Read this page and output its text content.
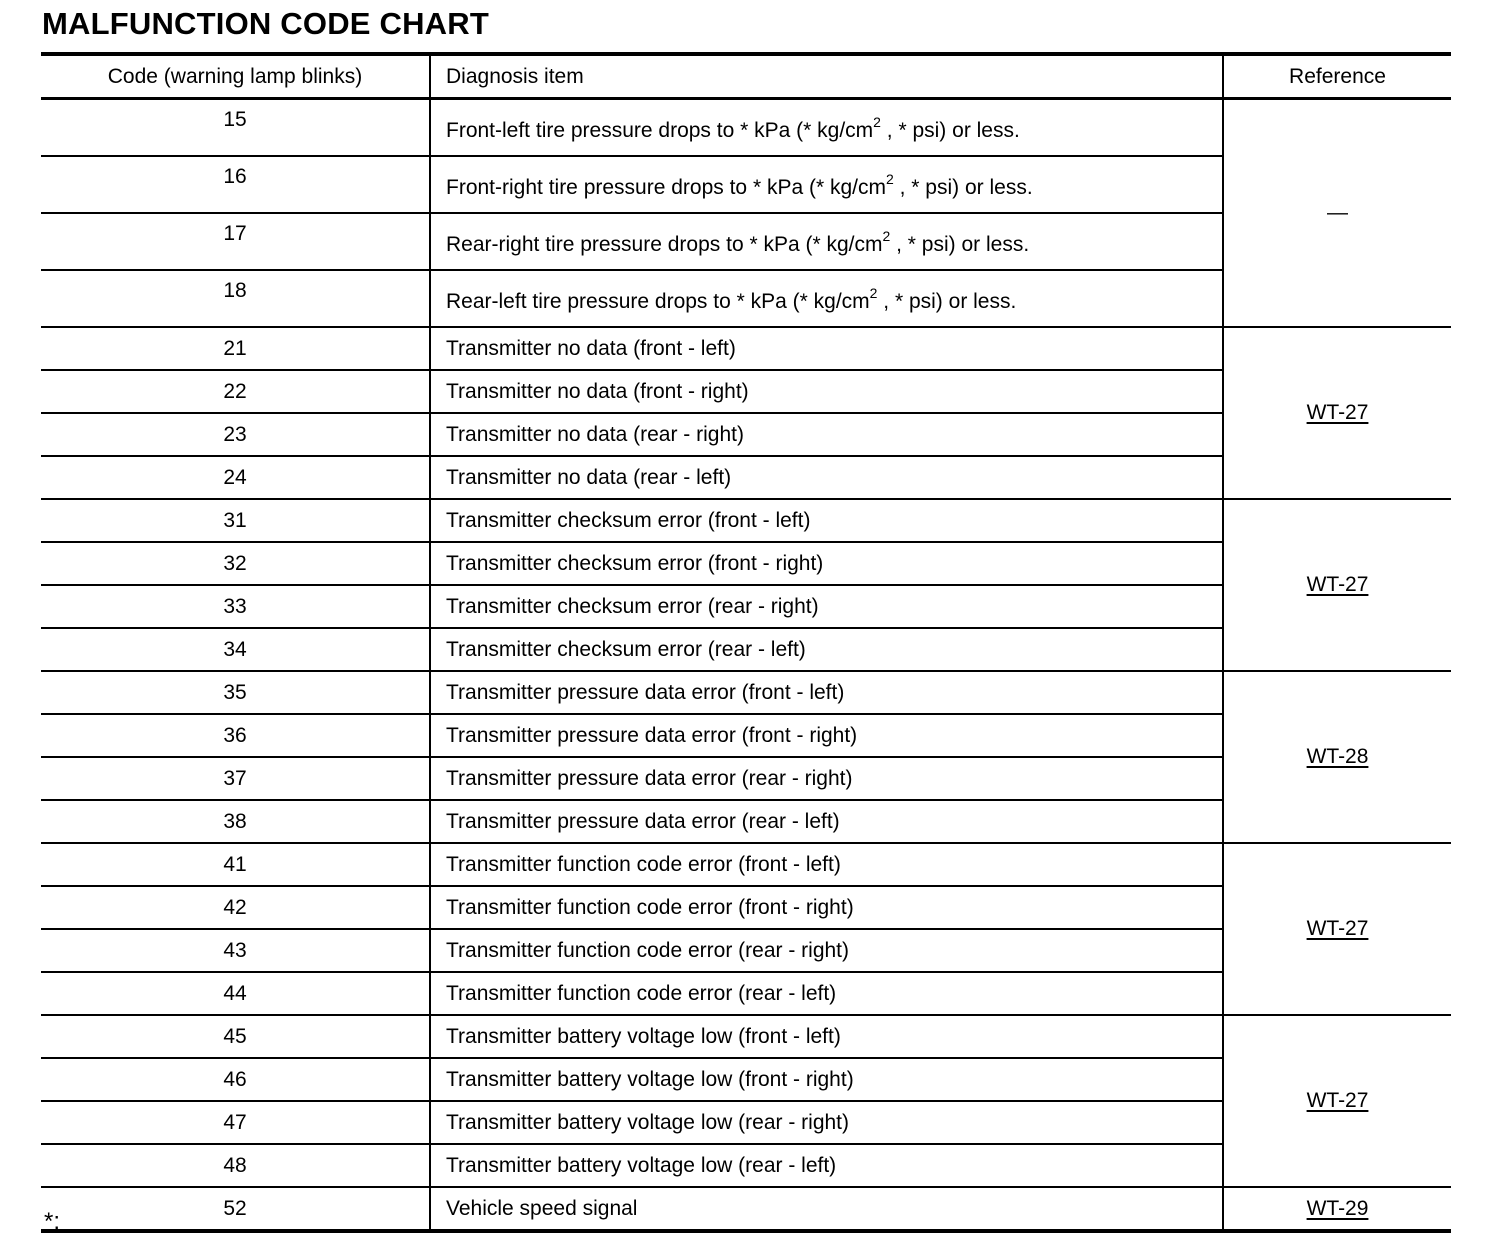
MALFUNCTION CODE CHART
Code (warning lamp blinks)	Diagnosis item	Reference
15	Front-left tire pressure drops to * kPa (* $kg/cm^2$ , * psi) or less.	—
16	Front-right tire pressure drops to * kPa (* $kg/cm^2$ , * psi) or less.	
17	Rear-right tire pressure drops to * kPa (* $kg/cm^2$ , * psi) or less.	
18	Rear-left tire pressure drops to * kPa (* $kg/cm^2$ , * psi) or less.	
21	Transmitter no data (front - left)	WT-27
22	Transmitter no data (front - right)	
23	Transmitter no data (rear - right)	
24	Transmitter no data (rear - left)	
31	Transmitter checksum error (front - left)	WT-27
32	Transmitter checksum error (front - right)	
33	Transmitter checksum error (rear - right)	
34	Transmitter checksum error (rear - left)	
35	Transmitter pressure data error (front - left)	WT-28
36	Transmitter pressure data error (front - right)	
37	Transmitter pressure data error (rear - right)	
38	Transmitter pressure data error (rear - left)	
41	Transmitter function code error (front - left)	WT-27
42	Transmitter function code error (front - right)	
43	Transmitter function code error (rear - right)	
44	Transmitter function code error (rear - left)	
45	Transmitter battery voltage low (front - left)	WT-27
46	Transmitter battery voltage low (front - right)	
47	Transmitter battery voltage low (rear - right)	
48	Transmitter battery voltage low (rear - left)	
52	Vehicle speed signal	WT-29
*:
